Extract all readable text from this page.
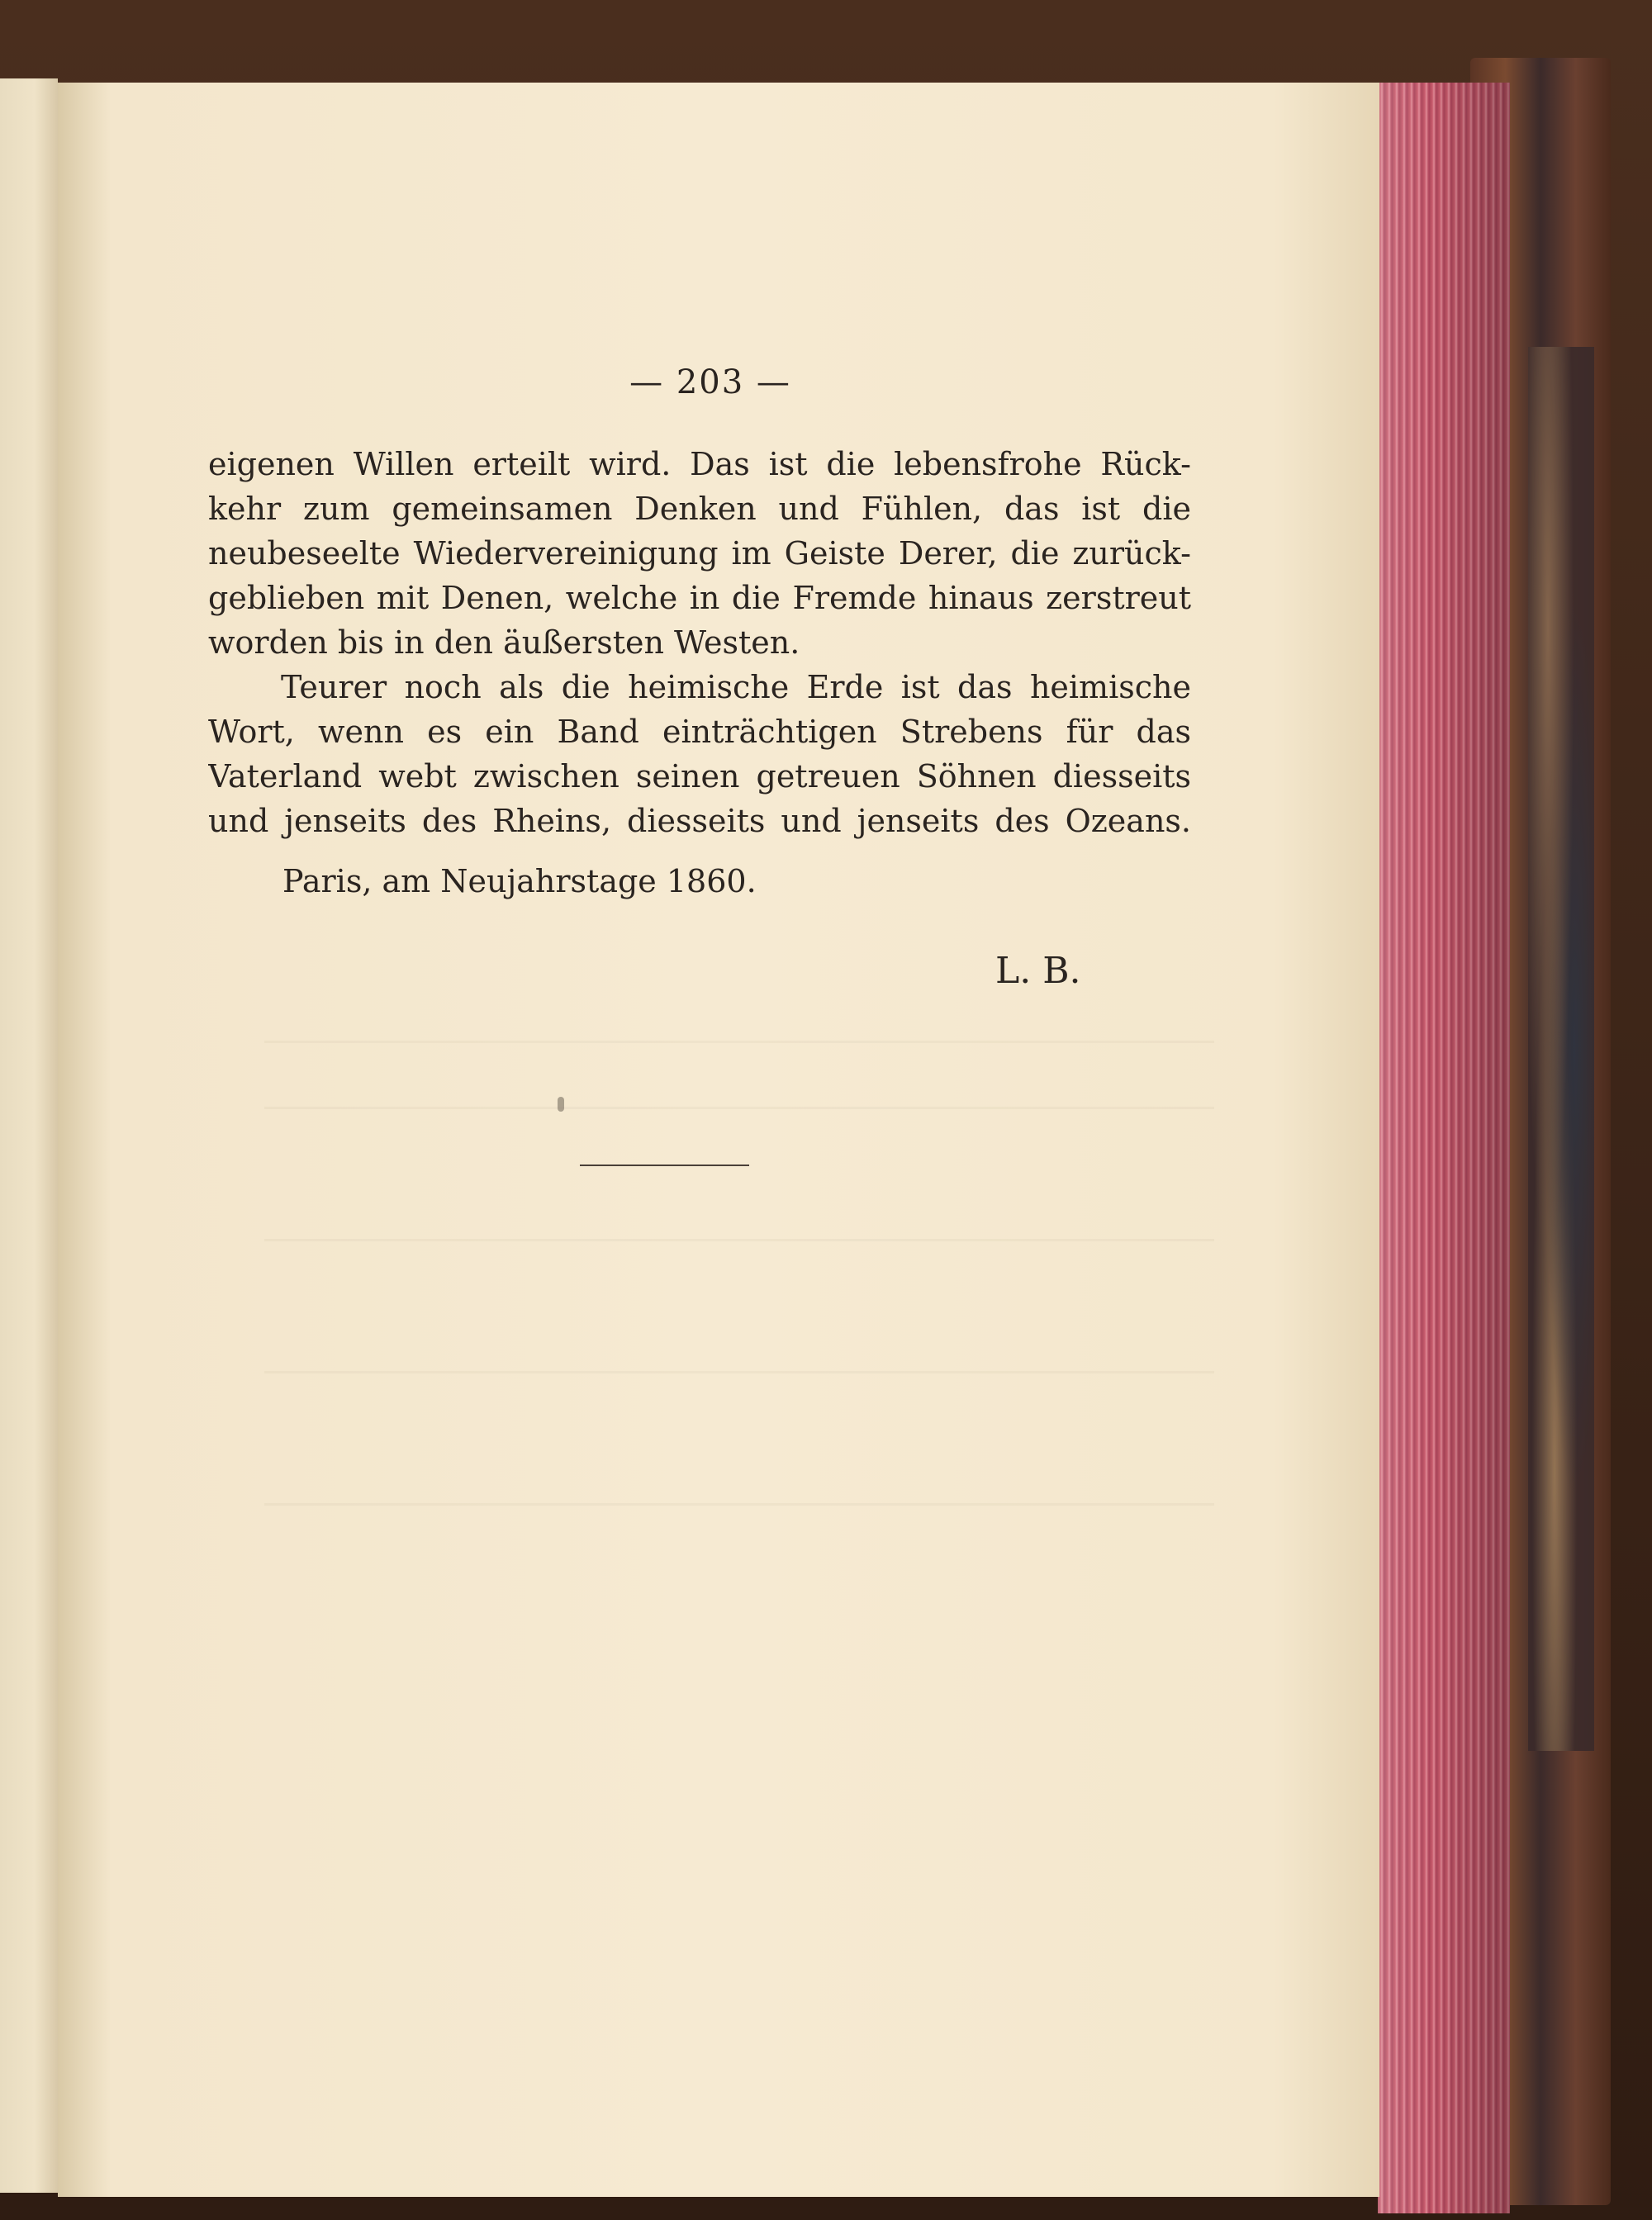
— 203 —
eigenen Willen erteilt wird. Das ist die lebensfrohe Rück-
kehr zum gemeinsamen Denken und Fühlen, das ist die
neubeseelte Wiedervereinigung im Geiste Derer, die zurück-
geblieben mit Denen, welche in die Fremde hinaus zerstreut
worden bis in den äußersten Westen.
Teurer noch als die heimische Erde ist das heimische
Wort, wenn es ein Band einträchtigen Strebens für das
Vaterland webt zwischen seinen getreuen Söhnen diesseits
und jenseits des Rheins, diesseits und jenseits des Ozeans.
Paris, am Neujahrstage 1860.
L. B.
